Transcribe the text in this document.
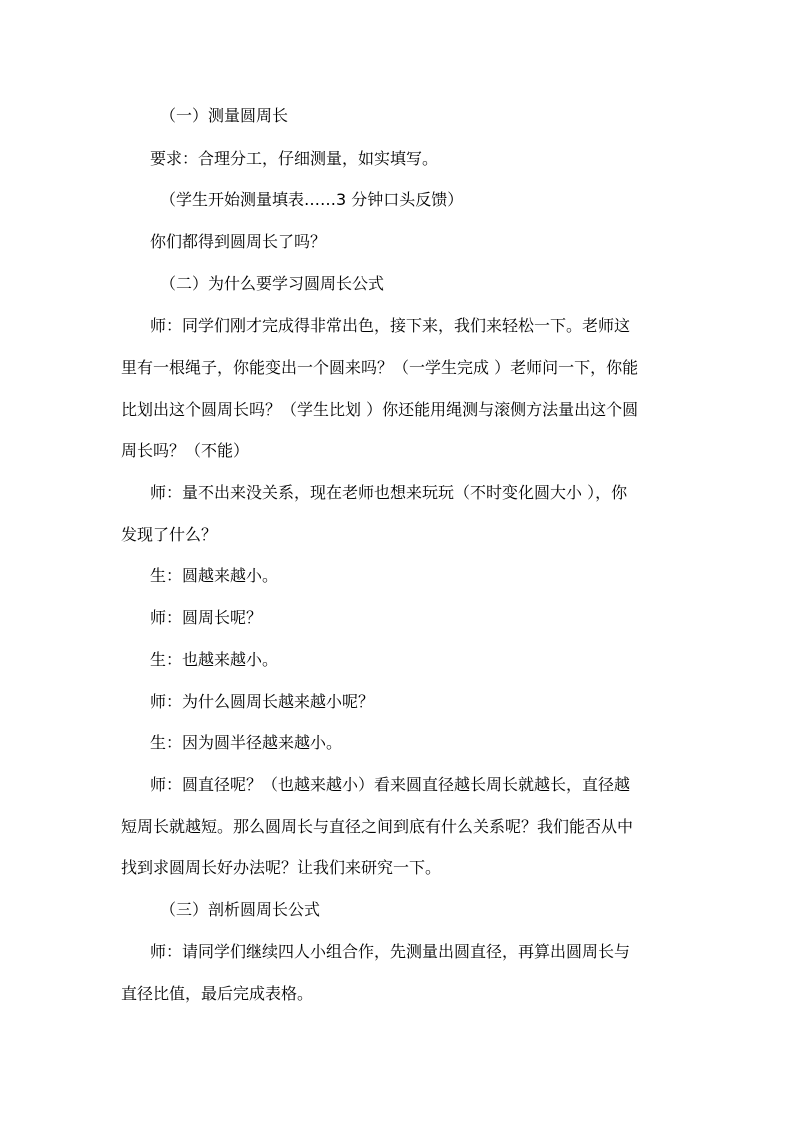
（一）测量圆周长
要求：合理分工，仔细测量，如实填写。
（学生开始测量填表……3 分钟口头反馈）
你们都得到圆周长了吗？
（二）为什么要学习圆周长公式
师：同学们刚才完成得非常出色，接下来，我们来轻松一下。老师这
里有一根绳子，你能变出一个圆来吗？（一学生完成 ）老师问一下，你能
比划出这个圆周长吗？（学生比划 ）你还能用绳测与滚侧方法量出这个圆
周长吗？（不能）
师：量不出来没关系，现在老师也想来玩玩（不时变化圆大小 ），你
发现了什么？
生：圆越来越小。
师：圆周长呢？
生：也越来越小。
师：为什么圆周长越来越小呢？
生：因为圆半径越来越小。
师：圆直径呢？（也越来越小）看来圆直径越长周长就越长，直径越
短周长就越短。那么圆周长与直径之间到底有什么关系呢？我们能否从中
找到求圆周长好办法呢？让我们来研究一下。
（三）剖析圆周长公式
师：请同学们继续四人小组合作，先测量出圆直径，再算出圆周长与
直径比值，最后完成表格。
